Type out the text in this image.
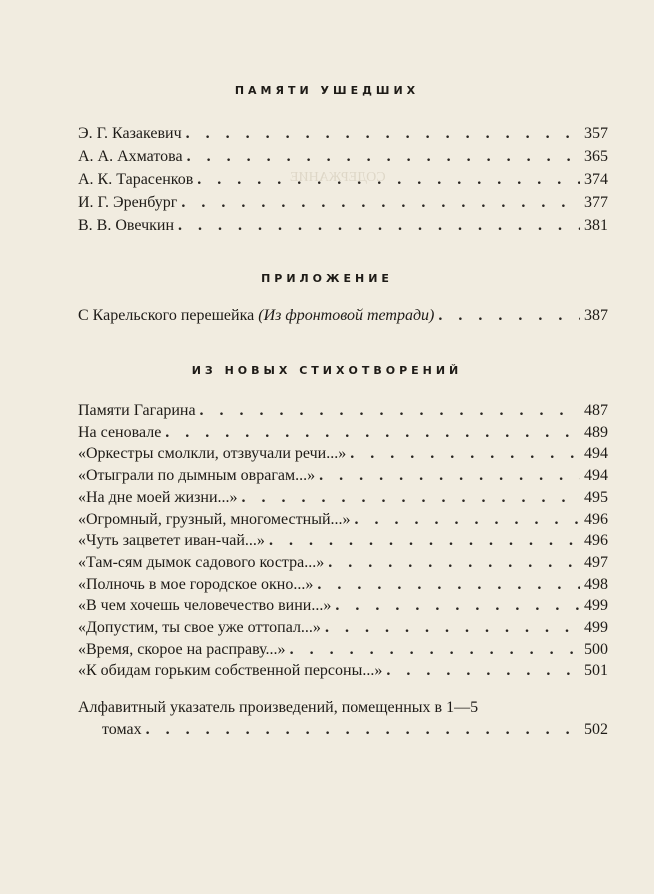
СОДЕРЖАНИЕ
ПАМЯТИ УШЕДШИХ
Э. Г. Казакевич . . .	357
А. А. Ахматова . . .	365
А. К. Тарасенков . . .	374
И. Г. Эренбург . . .	377
В. В. Овечкин . . .	381
ПРИЛОЖЕНИЕ
С Карельского перешейка (Из фронтовой тетради) . . .	387
ИЗ НОВЫХ СТИХОТВОРЕНИЙ
Памяти Гагарина . . .	487
На сеновале . . .	489
«Оркестры смолкли, отзвучали речи...» . . .	494
«Отыграли по дымным оврагам...» . . .	494
«На дне моей жизни...» . . .	495
«Огромный, грузный, многоместный...» . . .	496
«Чуть зацветет иван-чай...» . . .	496
«Там-сям дымок садового костра...» . . .	497
«Полночь в мое городское окно...» . . .	498
«В чем хочешь человечество вини...» . . .	499
«Допустим, ты свое уже оттопал...» . . .	499
«Время, скорое на расправу...» . . .	500
«К обидам горьким собственной персоны...» . . .	501
Алфавитный указатель произведений, помещенных в 1—5
томах . . .	502
